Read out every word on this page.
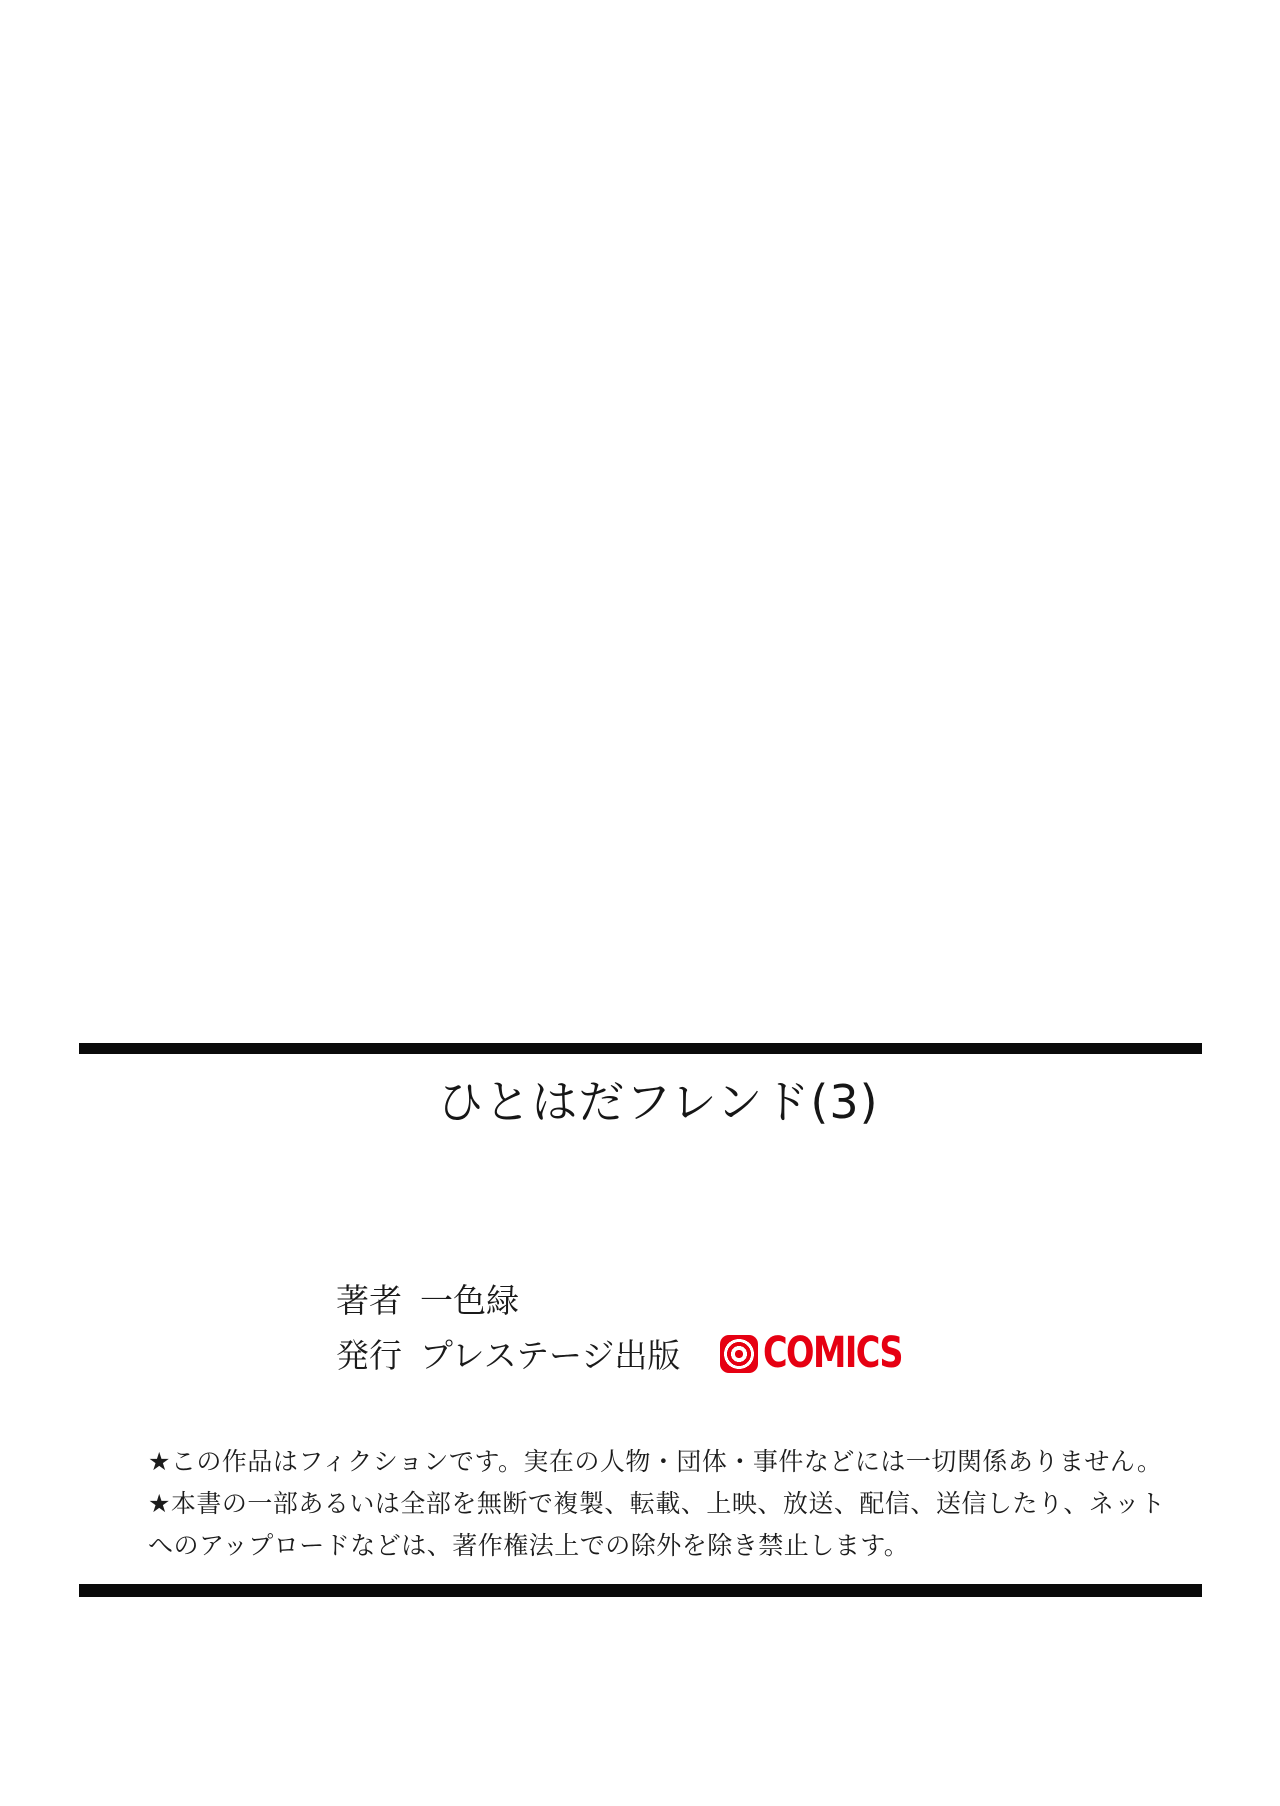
ひとはだフレンド(3)
著者 一色緑
発行 プレステージ出版 COMICS

★この作品はフィクションです。実在の人物・団体・事件などには一切関係ありません。

★本書の一部あるいは全部を無断で複製、転載、上映、放送、配信、送信したり、ネット

へのアップロードなどは、著作権法上での除外を除き禁止します。
